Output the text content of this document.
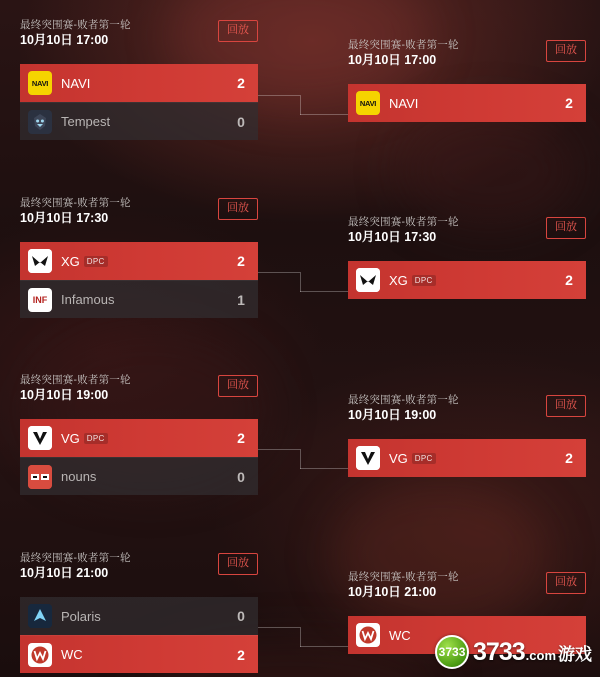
最终突围赛-败者第一轮
10月10日 17:00
回放
NAVI NAVI	2
Tempest	0
最终突围赛-败者第一轮
10月10日 17:30
回放
XG DPC	2
INF	Infamous	1
最终突围赛-败者第一轮
10月10日 19:00
回放
VG DPC	2
nouns	0
最终突围赛-败者第一轮
10月10日 21:00
回放
Polaris	0
WC	2
最终突围赛-败者第一轮
10月10日 17:00
回放
NAVI NAVI	2
最终突围赛-败者第一轮
10月10日 17:30
回放
XG DPC	2
最终突围赛-败者第一轮
10月10日 19:00
回放
VG DPC	2
最终突围赛-败者第一轮
10月10日 21:00
回放
WC
3733 3733 .com 游戏
